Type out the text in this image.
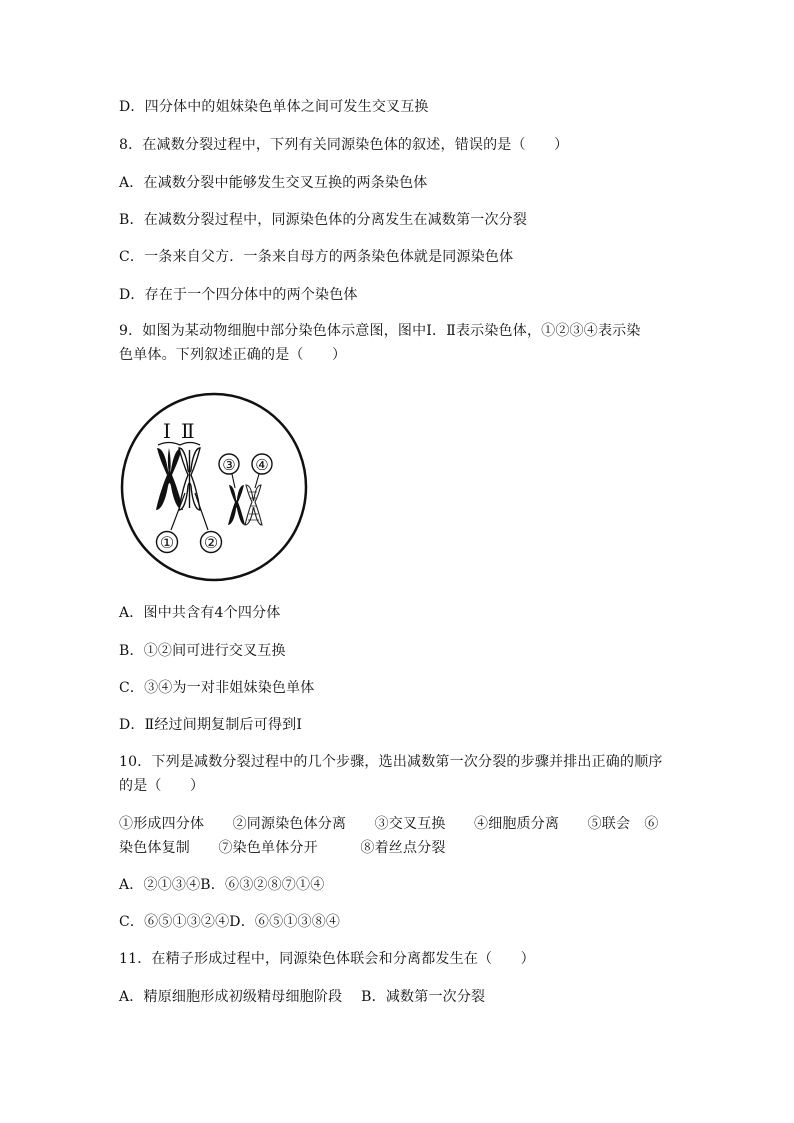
D．四分体中的姐妹染色单体之间可发生交叉互换

8．在减数分裂过程中，下列有关同源染色体的叙述，错误的是（　　）

A．在减数分裂中能够发生交叉互换的两条染色体

B．在减数分裂过程中，同源染色体的分离发生在减数第一次分裂

C．一条来自父方．一条来自母方的两条染色体就是同源染色体

D．存在于一个四分体中的两个染色体

9．如图为某动物细胞中部分染色体示意图，图中Ⅰ．Ⅱ表示染色体，①②③④表示染

色单体。下列叙述正确的是（　　）

Ⅰ Ⅱ
③ ④
① ②

A．图中共含有4个四分体

B．①②间可进行交叉互换

C．③④为一对非姐妹染色单体

D．Ⅱ经过间期复制后可得到Ⅰ

10．下列是减数分裂过程中的几个步骤，选出减数第一次分裂的步骤并排出正确的顺序

的是（　　）

①形成四分体　　②同源染色体分离　　③交叉互换　　④细胞质分离　　⑤联会　⑥

染色体复制　　⑦染色单体分开　　　⑧着丝点分裂

A．②①③④B．⑥③②⑧⑦①④

C．⑥⑤①③②④D．⑥⑤①③⑧④

11．在精子形成过程中，同源染色体联会和分离都发生在（　　）

A．精原细胞形成初级精母细胞阶段　 B．减数第一次分裂
